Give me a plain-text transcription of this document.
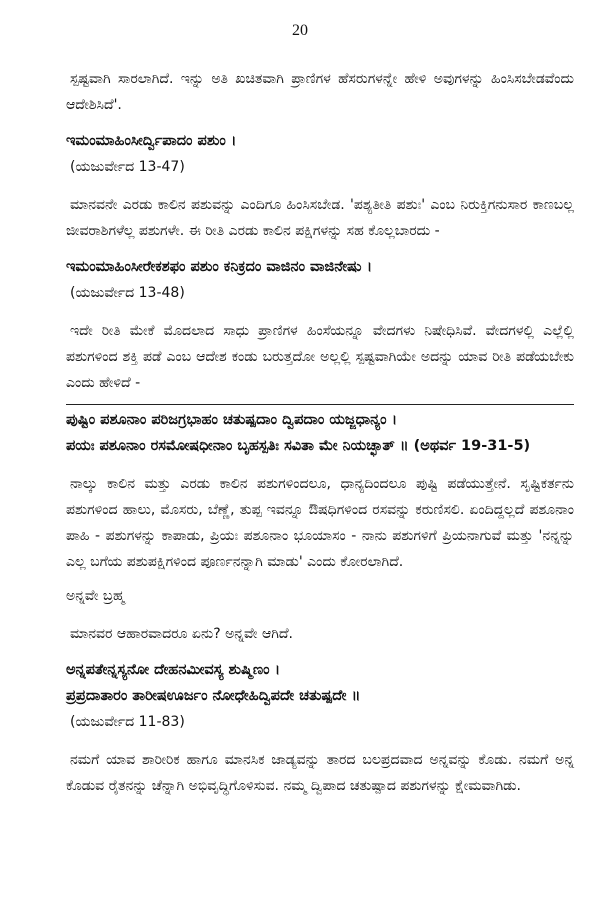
20

ಸ್ಪಷ್ಟವಾಗಿ ಸಾರಲಾಗಿದೆ. ಇನ್ನು ಅತಿ ಖಚಿತವಾಗಿ ಪ್ರಾಣಿಗಳ ಹೆಸರುಗಳನ್ನೇ ಹೇಳಿ ಅವುಗಳನ್ನು ಹಿಂಸಿಸಬೇಡವೆಂದು ಆದೇಶಿಸಿದೆ'.

ಇಮಂಮಾಹಿಂಸೀರ್ದ್ವಿಪಾದಂ ಪಶುಂ ।
(ಯಜುರ್ವೇದ 13-47)

ಮಾನವನೇ ಎರಡು ಕಾಲಿನ ಪಶುವನ್ನು ಎಂದಿಗೂ ಹಿಂಸಿಸಬೇಡ. 'ಪಶ್ಯತೀತಿ ಪಶುಃ' ಎಂಬ ನಿರುಕ್ತಿಗನುಸಾರ ಕಾಣಬಲ್ಲ ಜೀವರಾಶಿಗಳೆಲ್ಲ ಪಶುಗಳೇ. ಈ ರೀತಿ ಎರಡು ಕಾಲಿನ ಪಕ್ಷಿಗಳನ್ನು ಸಹ ಕೊಲ್ಲಬಾರದು -

ಇಮಂಮಾಹಿಂಸೀರೇಕಶಫಂ ಪಶುಂ ಕನಿಕ್ರದಂ ವಾಜಿನಂ ವಾಜಿನೇಷು ।
(ಯಜುರ್ವೇದ 13-48)

ಇದೇ ರೀತಿ ಮೇಕೆ ಮೊದಲಾದ ಸಾಧು ಪ್ರಾಣಿಗಳ ಹಿಂಸೆಯನ್ನೂ ವೇದಗಳು ನಿಷೇಧಿಸಿವೆ. ವೇದಗಳಲ್ಲಿ ಎಲ್ಲೆಲ್ಲಿ ಪಶುಗಳಿಂದ ಶಕ್ತಿ ಪಡೆ ಎಂಬ ಆದೇಶ ಕಂಡು ಬರುತ್ತದೋ ಅಲ್ಲಲ್ಲಿ ಸ್ಪಷ್ಟವಾಗಿಯೇ ಅದನ್ನು ಯಾವ ರೀತಿ ಪಡೆಯಬೇಕು ಎಂದು ಹೇಳಿದೆ -

ಪುಷ್ಟಿಂ ಪಶೂನಾಂ ಪರಿಜಗ್ರಭಾಹಂ ಚತುಷ್ಪದಾಂ ದ್ವಿಪದಾಂ ಯಜ್ಜಧಾನ್ಯಂ ।
ಪಯಃ ಪಶೂನಾಂ ರಸಮೋಷಧೀನಾಂ ಬೃಹಸ್ಪತಿಃ ಸವಿತಾ ಮೇ ನಿಯಚ್ಛಾತ್ ॥ (ಅಥರ್ವ 19-31-5)

ನಾಲ್ಕು ಕಾಲಿನ ಮತ್ತು ಎರಡು ಕಾಲಿನ ಪಶುಗಳಿಂದಲೂ, ಧಾನ್ಯದಿಂದಲೂ ಪುಷ್ಟಿ ಪಡೆಯುತ್ತೇನೆ. ಸೃಷ್ಟಿಕರ್ತನು ಪಶುಗಳಿಂದ ಹಾಲು, ಮೊಸರು, ಬೆಣ್ಣೆ, ತುಪ್ಪ ಇವನ್ನೂ ಔಷಧಿಗಳಿಂದ ರಸವನ್ನು ಕರುಣಿಸಲಿ. ಏಂದಿದ್ದಲ್ಲದೆ ಪಶೂನಾಂ ಪಾಹಿ - ಪಶುಗಳನ್ನು ಕಾಪಾಡು, ಪ್ರಿಯಃ ಪಶೂನಾಂ ಭೂಯಾಸಂ - ನಾನು ಪಶುಗಳಿಗೆ ಪ್ರಿಯನಾಗುವೆ ಮತ್ತು 'ನನ್ನನ್ನು ಎಲ್ಲ ಬಗೆಯ ಪಶುಪಕ್ಷಿಗಳಿಂದ ಪೂರ್ಣನನ್ನಾಗಿ ಮಾಡು' ಎಂದು ಕೋರಲಾಗಿದೆ.

ಅನ್ನವೇ ಬ್ರಹ್ಮ

ಮಾನವರ ಆಹಾರವಾದರೂ ಏನು? ಅನ್ನವೇ ಆಗಿದೆ.

ಅನ್ನಪತೇನ್ನಸ್ಯನೋ ದೇಹನಮೀವಸ್ಯ ಶುಷ್ಮಿಣಂ ।
ಪ್ರಪ್ರದಾತಾರಂ ತಾರೀಷಊರ್ಜಂ ನೋಧೇಹಿದ್ವಿಪದೇ ಚತುಷ್ಪದೇ ॥
(ಯಜುರ್ವೇದ 11-83)

ನಮಗೆ ಯಾವ ಶಾರೀರಿಕ ಹಾಗೂ ಮಾನಸಿಕ ಜಾಡ್ಯವನ್ನು ತಾರದ ಬಲಪ್ರದವಾದ ಅನ್ನವನ್ನು ಕೊಡು. ನಮಗೆ ಅನ್ನ ಕೊಡುವ ರೈತನನ್ನು ಚೆನ್ನಾಗಿ ಅಭಿವೃದ್ಧಿಗೊಳಿಸುವ. ನಮ್ಮ ದ್ವಿಪಾದ ಚತುಷ್ಪಾದ ಪಶುಗಳನ್ನು ಕ್ಷೇಮವಾಗಿಡು.
